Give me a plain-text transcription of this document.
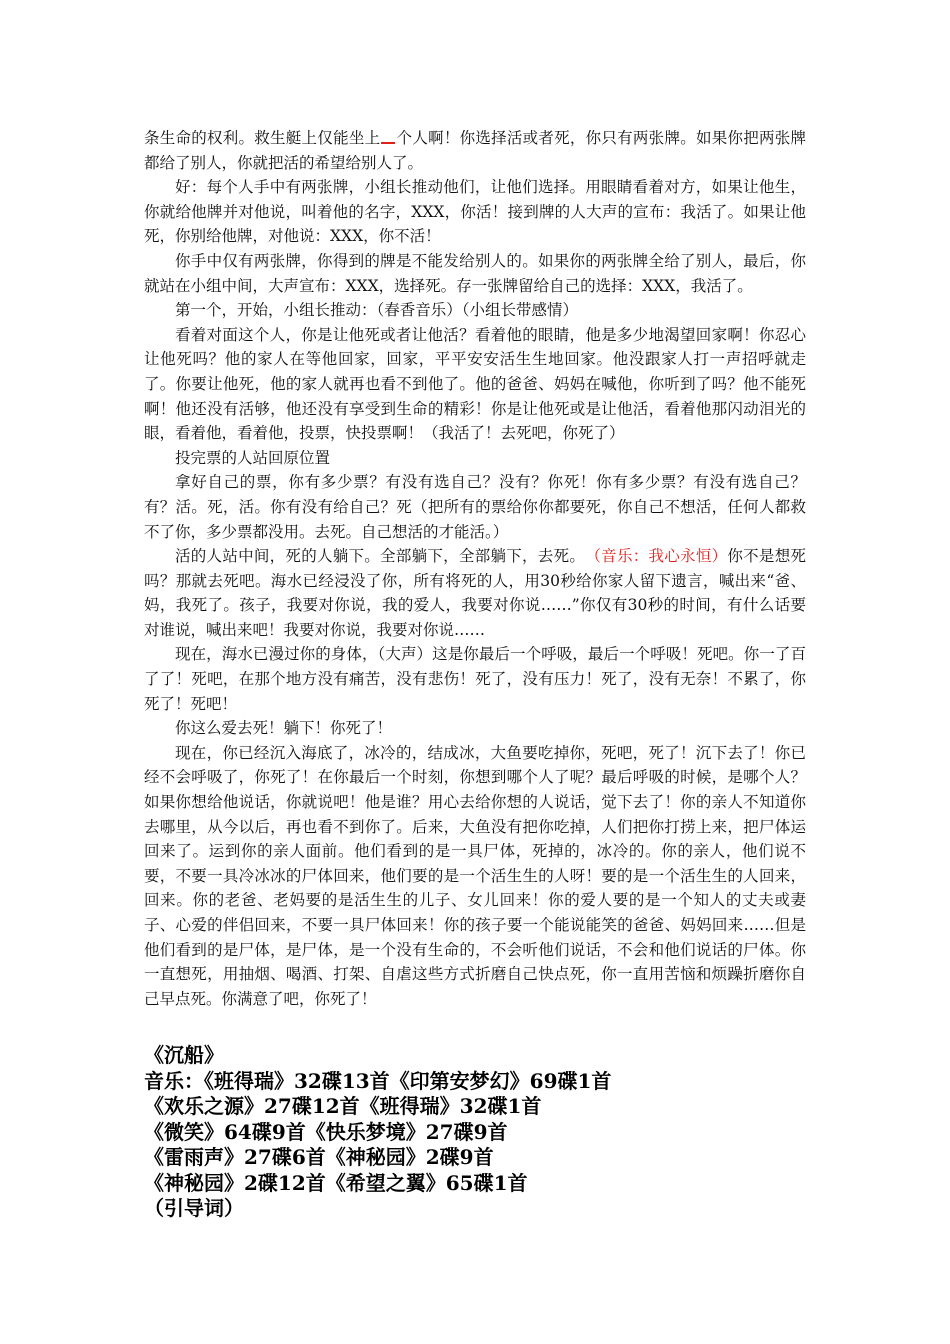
条生命的权利。救生艇上仅能坐上 个人啊！你选择活或者死，你只有两张牌。如果你把两张牌都给了别人，你就把活的希望给别人了。

好：每个人手中有两张牌，小组长推动他们，让他们选择。用眼睛看着对方，如果让他生，你就给他牌并对他说，叫着他的名字，XXX，你活！接到牌的人大声的宣布：我活了。如果让他死，你别给他牌，对他说：XXX，你不活！

你手中仅有两张牌，你得到的牌是不能发给别人的。如果你的两张牌全给了别人，最后，你就站在小组中间，大声宣布：XXX，选择死。存一张牌留给自己的选择：XXX，我活了。

第一个，开始，小组长推动：（春香音乐）（小组长带感情）

看着对面这个人，你是让他死或者让他活？看着他的眼睛，他是多少地渴望回家啊！你忍心让他死吗？他的家人在等他回家，回家，平平安安活生生地回家。他没跟家人打一声招呼就走了。你要让他死，他的家人就再也看不到他了。他的爸爸、妈妈在喊他，你听到了吗？他不能死啊！他还没有活够，他还没有享受到生命的精彩！你是让他死或是让他活，看着他那闪动泪光的眼，看着他，看着他，投票，快投票啊！（我活了！去死吧，你死了）

投完票的人站回原位置

拿好自己的票，你有多少票？有没有选自己？没有？你死！你有多少票？有没有选自己？有？活。死，活。你有没有给自己？死（把所有的票给你你都要死，你自己不想活，任何人都救不了你，多少票都没用。去死。自己想活的才能活。）

活的人站中间，死的人躺下。全部躺下，全部躺下，去死。　（音乐：我心永恒）你不是想死吗？那就去死吧。海水已经浸没了你，所有将死的人，用30秒给你家人留下遗言，喊出来“爸、妈，我死了。孩子，我要对你说，我的爱人，我要对你说……”你仅有30秒的时间，有什么话要对谁说，喊出来吧！我要对你说，我要对你说……

现在，海水已漫过你的身体，（大声）这是你最后一个呼吸，最后一个呼吸！死吧。你一了百了了！死吧，在那个地方没有痛苦，没有悲伤！死了，没有压力！死了，没有无奈！不累了，你死了！死吧！

你这么爱去死！躺下！你死了！

现在，你已经沉入海底了，冰冷的，结成冰，大鱼要吃掉你，死吧，死了！沉下去了！你已经不会呼吸了，你死了！在你最后一个时刻，你想到哪个人了呢？最后呼吸的时候，是哪个人？如果你想给他说话，你就说吧！他是谁？用心去给你想的人说话，觉下去了！你的亲人不知道你去哪里，从今以后，再也看不到你了。后来，大鱼没有把你吃掉，人们把你打捞上来，把尸体运回来了。运到你的亲人面前。他们看到的是一具尸体，死掉的，冰冷的。你的亲人，他们说不要，不要一具冷冰冰的尸体回来，他们要的是一个活生生的人呀！要的是一个活生生的人回来，回来。你的老爸、老妈要的是活生生的儿子、女儿回来！你的爱人要的是一个知人的丈夫或妻子、心爱的伴侣回来，不要一具尸体回来！你的孩子要一个能说能笑的爸爸、妈妈回来……但是他们看到的是尸体，是尸体，是一个没有生命的，不会听他们说话，不会和他们说话的尸体。你一直想死，用抽烟、喝酒、打架、自虐这些方式折磨自己快点死，你一直用苦恼和烦躁折磨你自己早点死。你满意了吧，你死了！

《沉船》
音乐：《班得瑞》32碟13首《印第安梦幻》69碟1首
《欢乐之源》27碟12首《班得瑞》32碟1首
《微笑》64碟9首《快乐梦境》27碟9首
《雷雨声》27碟6首《神秘园》2碟9首
《神秘园》2碟12首《希望之翼》65碟1首
（引导词）
